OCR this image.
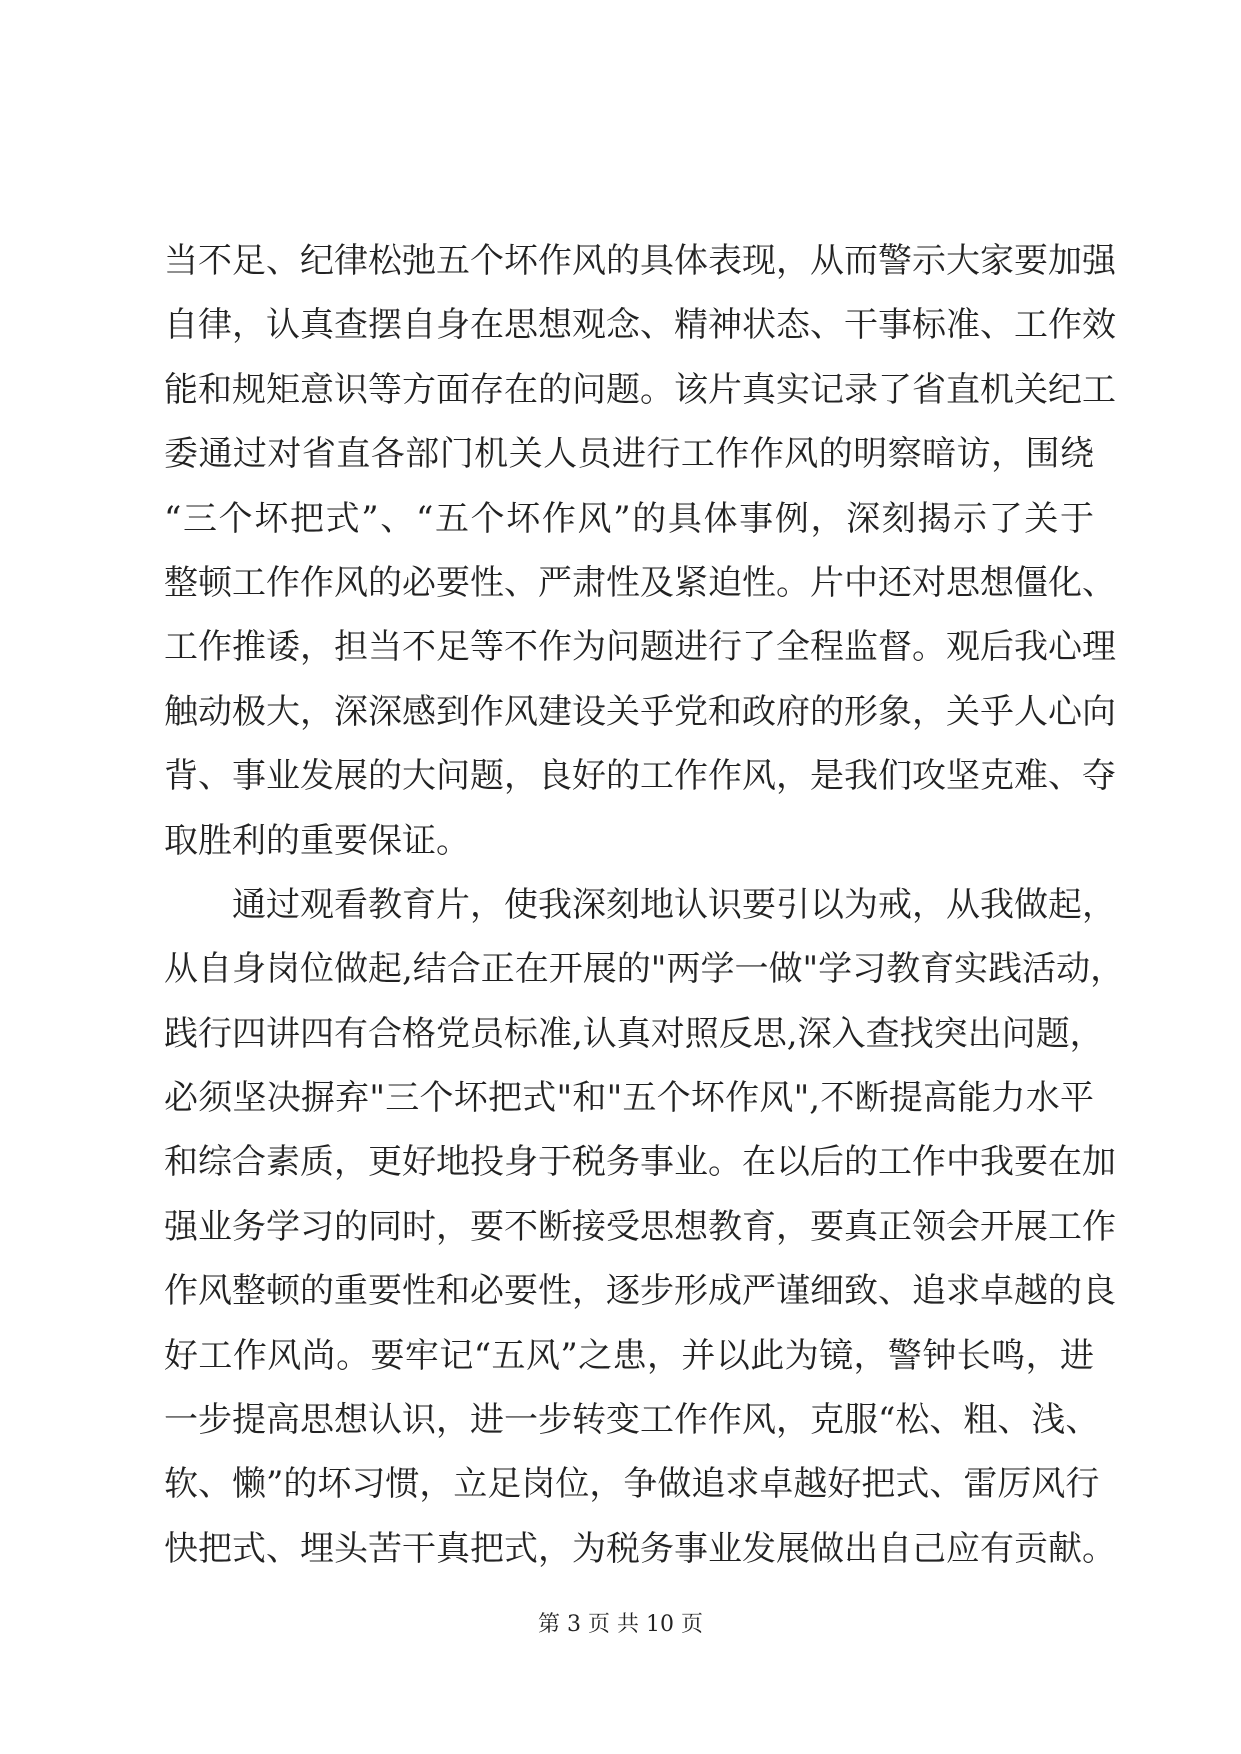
当不足、纪律松弛五个坏作风的具体表现，从而警示大家要加强
自律，认真查摆自身在思想观念、精神状态、干事标准、工作效
能和规矩意识等方面存在的问题。该片真实记录了省直机关纪工
委通过对省直各部门机关人员进行工作作风的明察暗访，围绕
“三个坏把式”、“五个坏作风”的具体事例，深刻揭示了关于
整顿工作作风的必要性、严肃性及紧迫性。片中还对思想僵化、
工作推诿，担当不足等不作为问题进行了全程监督。观后我心理
触动极大，深深感到作风建设关乎党和政府的形象，关乎人心向
背、事业发展的大问题，良好的工作作风，是我们攻坚克难、夺
取胜利的重要保证。
通过观看教育片，使我深刻地认识要引以为戒，从我做起，
从自身岗位做起,结合正在开展的"两学一做"学习教育实践活动，
践行四讲四有合格党员标准,认真对照反思,深入查找突出问题，
必须坚决摒弃"三个坏把式"和"五个坏作风",不断提高能力水平
和综合素质，更好地投身于税务事业。在以后的工作中我要在加
强业务学习的同时，要不断接受思想教育，要真正领会开展工作
作风整顿的重要性和必要性，逐步形成严谨细致、追求卓越的良
好工作风尚。要牢记“五风”之患，并以此为镜，警钟长鸣，进
一步提高思想认识，进一步转变工作作风，克服“松、粗、浅、
软、懒”的坏习惯，立足岗位，争做追求卓越好把式、雷厉风行
快把式、埋头苦干真把式，为税务事业发展做出自己应有贡献。
第 3 页 共 10 页
